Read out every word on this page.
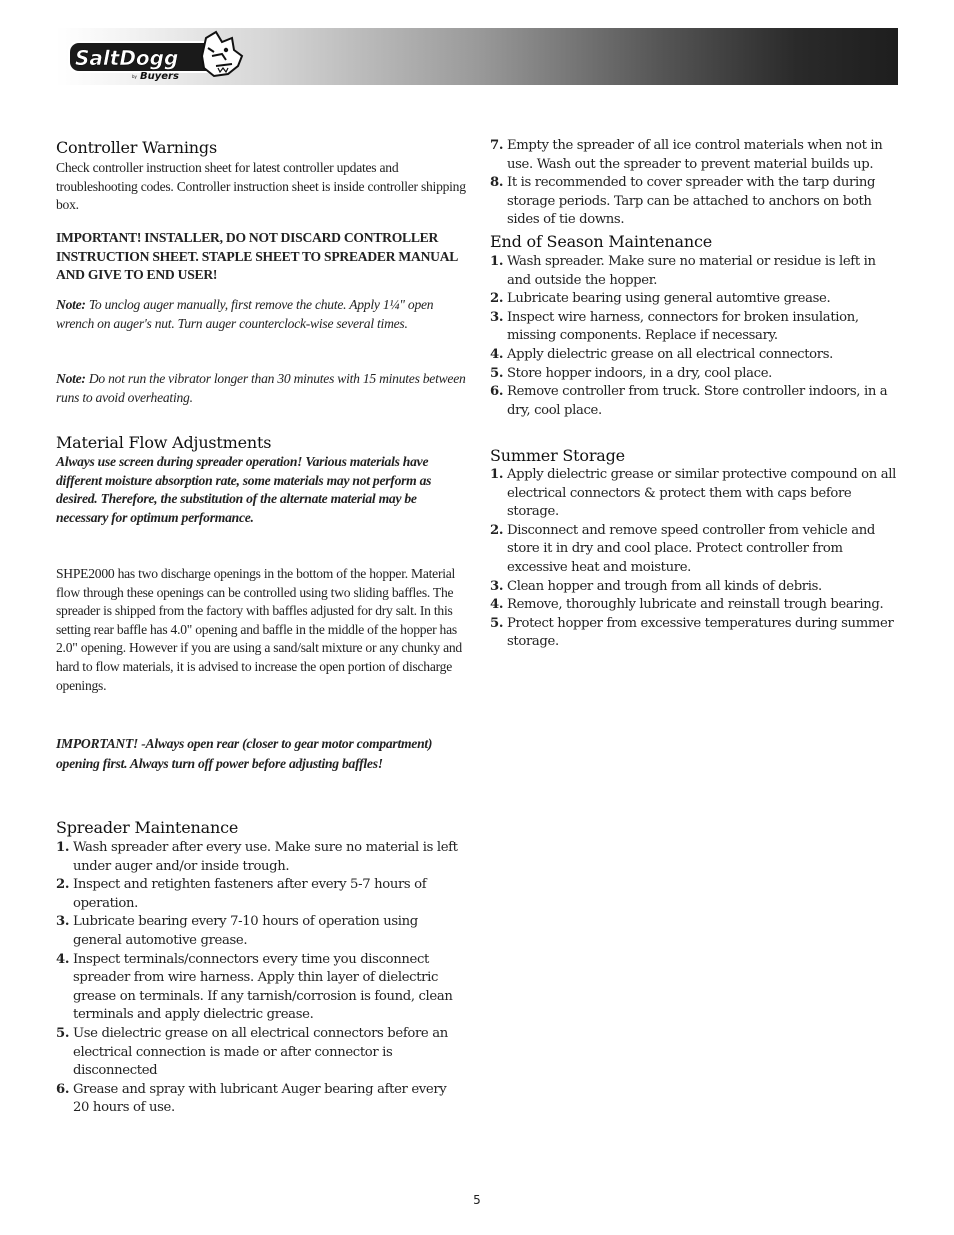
SaltDogg
by Buyers
Controller Warnings

Check controller instruction sheet for latest controller updates and troubleshooting codes. Controller instruction sheet is inside controller shipping box.

IMPORTANT! INSTALLER, DO NOT DISCARD CONTROLLER INSTRUCTION SHEET. STAPLE SHEET TO SPREADER MANUAL AND GIVE TO END USER!

Note: To unclog auger manually, first remove the chute. Apply 1¼" open wrench on auger's nut. Turn auger counterclock-wise several times.

Note: Do not run the vibrator longer than 30 minutes with 15 minutes between runs to avoid overheating.

Material Flow Adjustments

Always use screen during spreader operation! Various materials have different moisture absorption rate, some materials may not perform as desired. Therefore, the substitution of the alternate material may be necessary for optimum performance.

SHPE2000 has two discharge openings in the bottom of the hopper. Material flow through these openings can be controlled using two sliding baffles. The spreader is shipped from the factory with baffles adjusted for dry salt. In this setting rear baffle has 4.0" opening and baffle in the middle of the hopper has 2.0" opening. However if you are using a sand/salt mixture or any chunky and hard to flow materials, it is advised to increase the open portion of discharge openings.

IMPORTANT! -Always open rear (closer to gear motor compartment) opening first. Always turn off power before adjusting baffles!

Spreader Maintenance
1. Wash spreader after every use. Make sure no material is left under auger and/or inside trough.
2. Inspect and retighten fasteners after every 5-7 hours of operation.
3. Lubricate bearing every 7-10 hours of operation using general automotive grease.
4. Inspect terminals/connectors every time you disconnect spreader from wire harness. Apply thin layer of dielectric grease on terminals. If any tarnish/corrosion is found, clean terminals and apply dielectric grease.
5. Use dielectric grease on all electrical connectors before an electrical connection is made or after connector is disconnected
6. Grease and spray with lubricant Auger bearing after every 20 hours of use.
7. Empty the spreader of all ice control materials when not in use. Wash out the spreader to prevent material builds up.
8. It is recommended to cover spreader with the tarp during storage periods. Tarp can be attached to anchors on both sides of tie downs.
End of Season Maintenance
1. Wash spreader. Make sure no material or residue is left in and outside the hopper.
2. Lubricate bearing using general automtive grease.
3. Inspect wire harness, connectors for broken insulation, missing components. Replace if necessary.
4. Apply dielectric grease on all electrical connectors.
5. Store hopper indoors, in a dry, cool place.
6. Remove controller from truck. Store controller indoors, in a dry, cool place.
Summer Storage
1. Apply dielectric grease or similar protective compound on all electrical connectors & protect them with caps before storage.
2. Disconnect and remove speed controller from vehicle and store it in dry and cool place. Protect controller from excessive heat and moisture.
3. Clean hopper and trough from all kinds of debris.
4. Remove, thoroughly lubricate and reinstall trough bearing.
5. Protect hopper from excessive temperatures during summer storage.
5
